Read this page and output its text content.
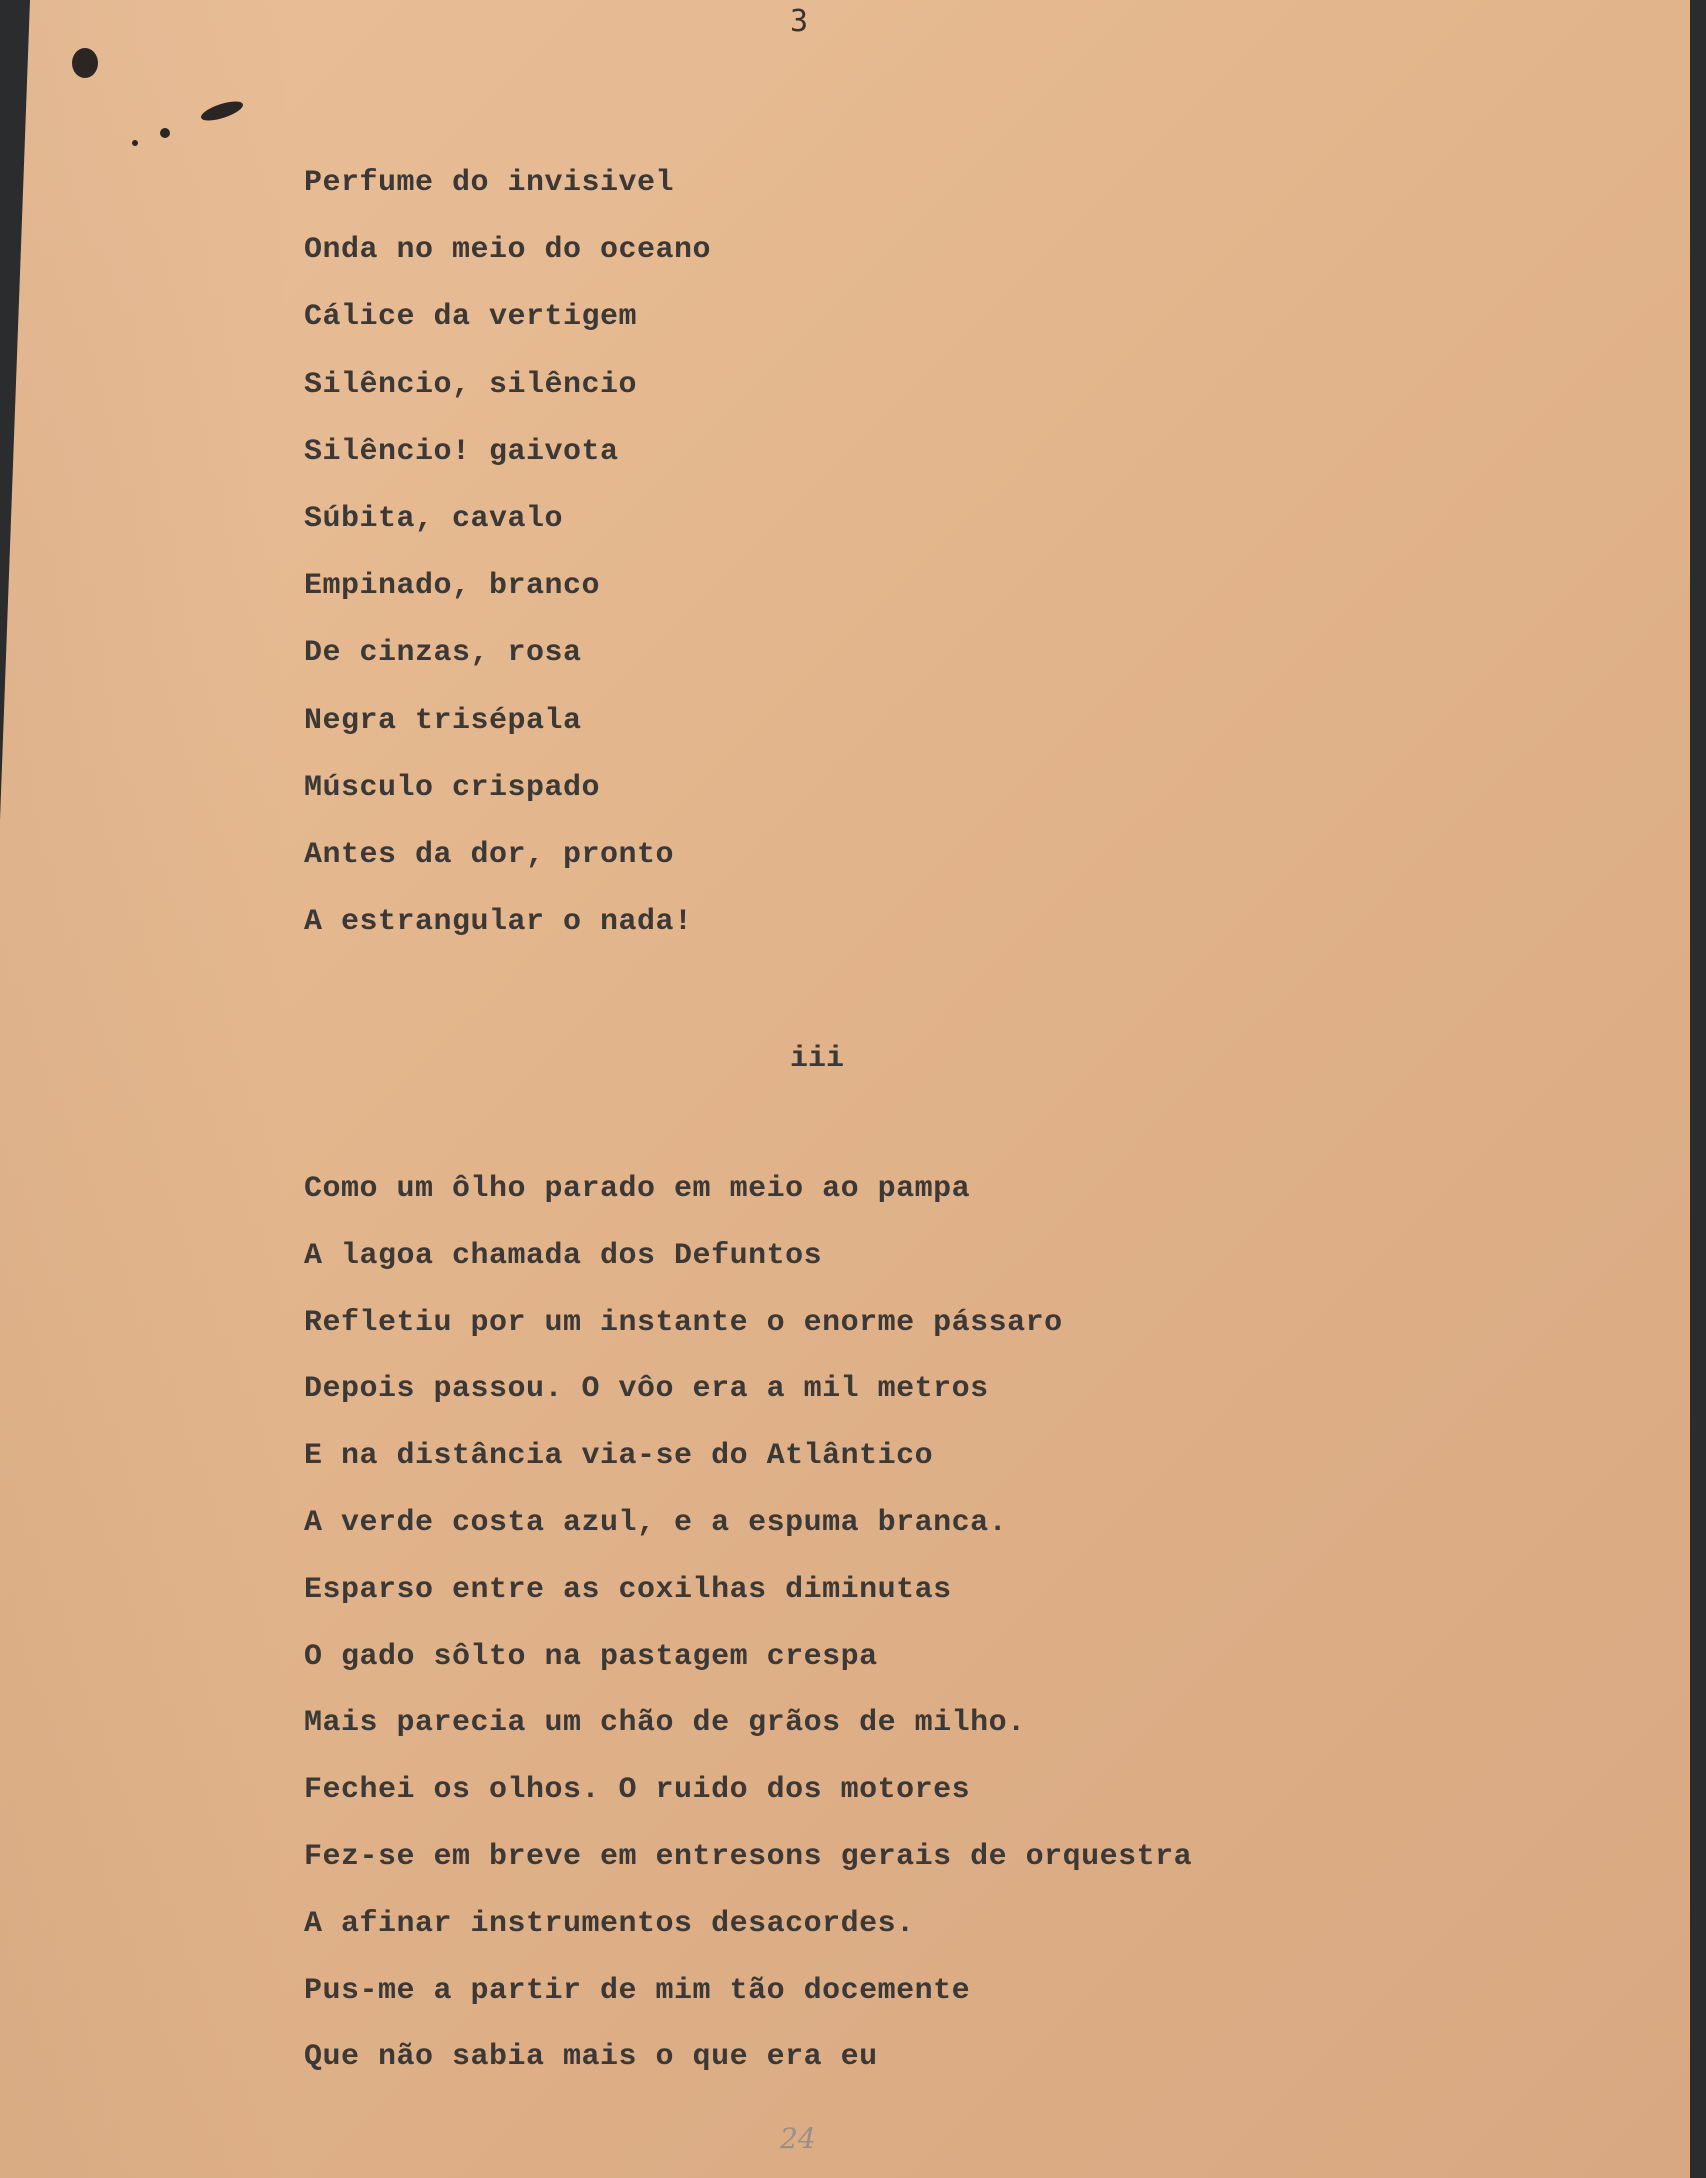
3
Perfume do invisivel
Onda no meio do oceano
Cálice da vertigem
Silêncio, silêncio
Silêncio! gaivota
Súbita, cavalo
Empinado, branco
De cinzas, rosa
Negra trisépala
Músculo crispado
Antes da dor, pronto
A estrangular o nada!
iii
Como um ôlho parado em meio ao pampa
A lagoa chamada dos Defuntos
Refletiu por um instante o enorme pássaro
Depois passou. O vôo era a mil metros
E na distância via-se do Atlântico
A verde costa azul, e a espuma branca.
Esparso entre as coxilhas diminutas
O gado sôlto na pastagem crespa
Mais parecia um chão de grãos de milho.
Fechei os olhos. O ruido dos motores
Fez-se em breve em entresons gerais de orquestra
A afinar instrumentos desacordes.
Pus-me a partir de mim tão docemente
Que não sabia mais o que era eu
24
